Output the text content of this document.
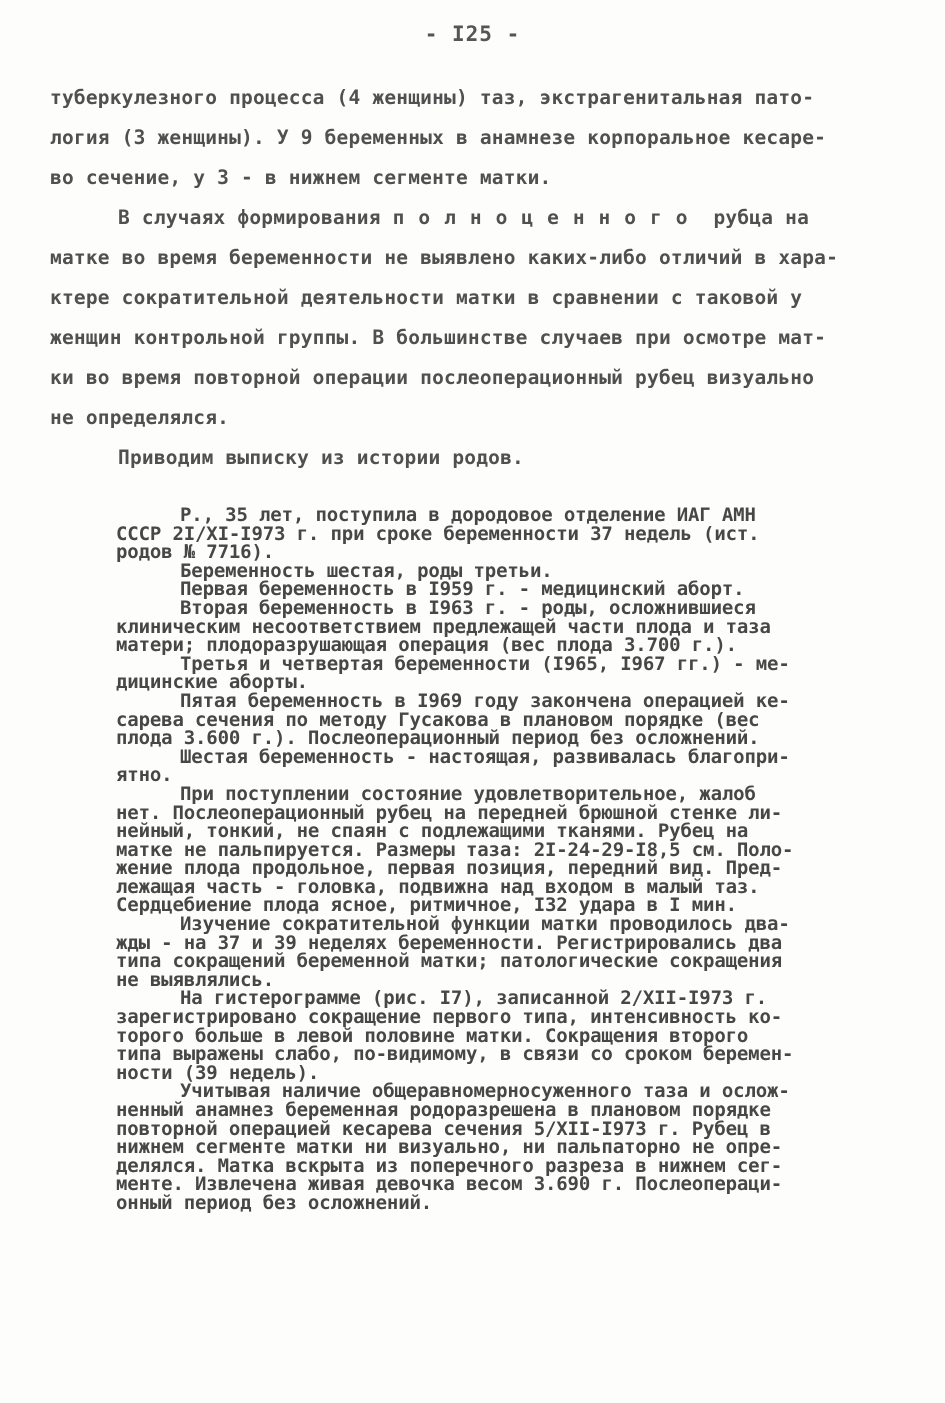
- I25 -
туберкулезного процесса (4 женщины) таз, экстрагенитальная пато-
логия (3 женщины). У 9 беременных в анамнезе корпоральное кесаре-
во сечение, у 3 - в нижнем сегменте матки.
В случаях формирования полноценного рубца на
матке во время беременности не выявлено каких-либо отличий в хара-
ктере сократительной деятельности матки в сравнении с таковой у
женщин контрольной группы. В большинстве случаев при осмотре мат-
ки во время повторной операции послеоперационный рубец визуально
не определялся.
Приводим выписку из истории родов.
Р., 35 лет, поступила в дородовое отделение ИАГ АМН
СССР 2I/XI-I973 г. при сроке беременности 37 недель (ист.
родов № 7716).
Беременность шестая, роды третьи.
Первая беременность в I959 г. - медицинский аборт.
Вторая беременность в I963 г. - роды, осложнившиеся
клиническим несоответствием предлежащей части плода и таза
матери; плодоразрушающая операция (вес плода 3.700 г.).
Третья и четвертая беременности (I965, I967 гг.) - ме-
дицинские аборты.
Пятая беременность в I969 году закончена операцией ке-
сарева сечения по методу Гусакова в плановом порядке (вес
плода 3.600 г.). Послеоперационный период без осложнений.
Шестая беременность - настоящая, развивалась благопри-
ятно.
При поступлении состояние удовлетворительное, жалоб
нет. Послеоперационный рубец на передней брюшной стенке ли-
нейный, тонкий, не спаян с подлежащими тканями. Рубец на
матке не пальпируется. Размеры таза: 2I-24-29-I8,5 см. Поло-
жение плода продольное, первая позиция, передний вид. Пред-
лежащая часть - головка, подвижна над входом в малый таз.
Сердцебиение плода ясное, ритмичное, I32 удара в I мин.
Изучение сократительной функции матки проводилось два-
жды - на 37 и 39 неделях беременности. Регистрировались два
типа сокращений беременной матки; патологические сокращения
не выявлялись.
На гистерограмме (рис. I7), записанной 2/XII-I973 г.
зарегистрировано сокращение первого типа, интенсивность ко-
торого больше в левой половине матки. Сокращения второго
типа выражены слабо, по-видимому, в связи со сроком беремен-
ности (39 недель).
Учитывая наличие общеравномерносуженного таза и ослож-
ненный анамнез беременная родоразрешена в плановом порядке
повторной операцией кесарева сечения 5/XII-I973 г. Рубец в
нижнем сегменте матки ни визуально, ни пальпаторно не опре-
делялся. Матка вскрыта из поперечного разреза в нижнем сег-
менте. Извлечена живая девочка весом 3.690 г. Послеопераци-
онный период без осложнений.
